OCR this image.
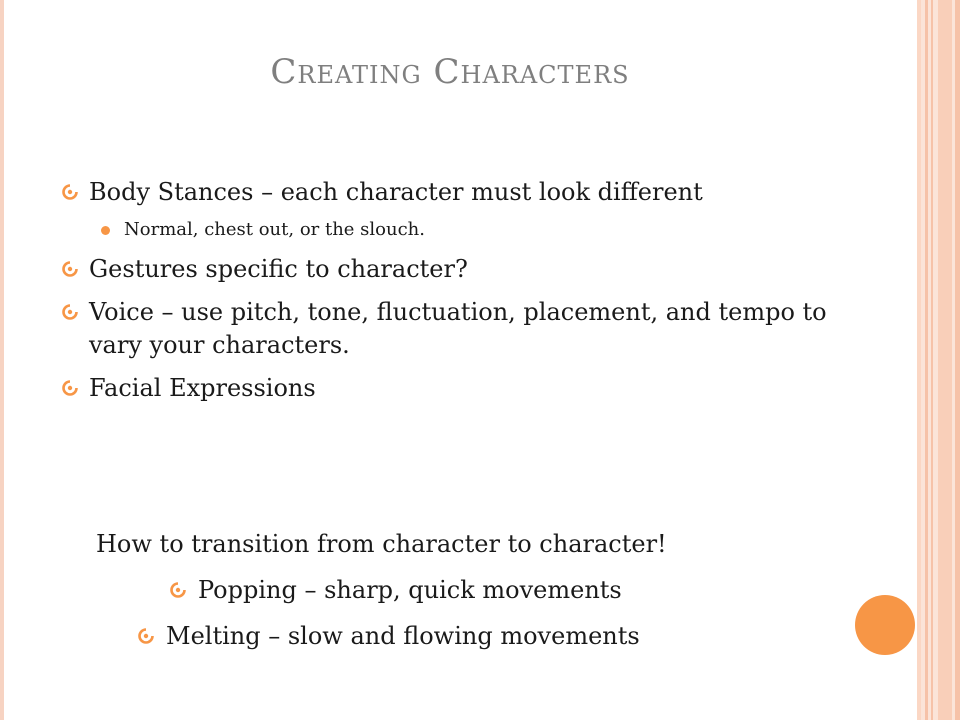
Creating Characters
Body Stances – each character must look different
Normal, chest out, or the slouch.
Gestures specific to character?
Voice – use pitch, tone, fluctuation, placement, and tempo to vary your characters.
Facial Expressions
How to transition from character to character!
Popping – sharp, quick movements
Melting – slow and flowing movements
